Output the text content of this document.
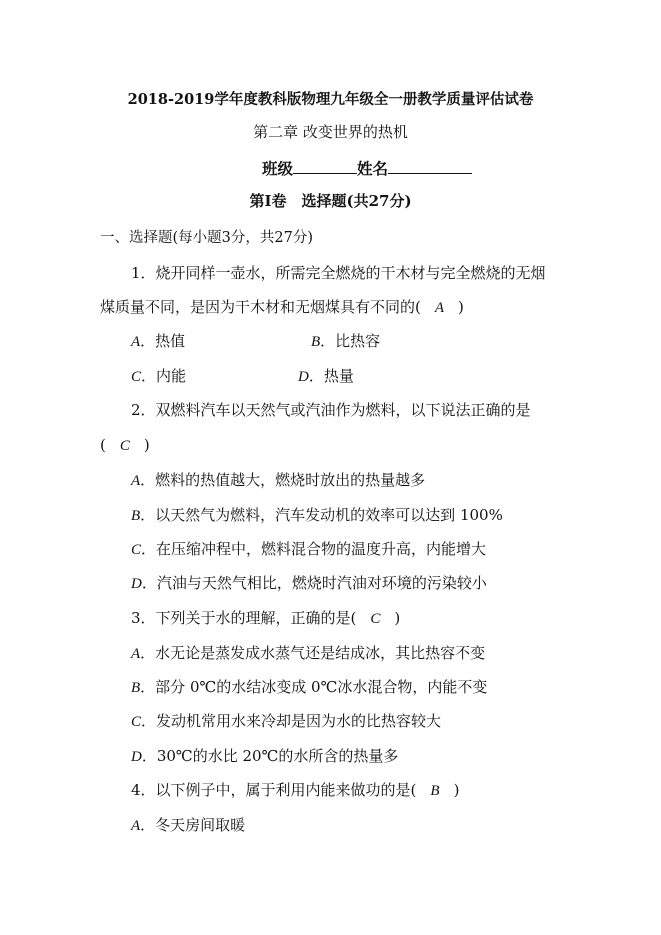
2018-2019学年度教科版物理九年级全一册教学质量评估试卷
第二章 改变世界的热机
班级	姓名
第Ⅰ卷　选择题(共27分)
一、选择题(每小题3分，共27分)
1．烧开同样一壶水，所需完全燃烧的干木材与完全燃烧的无烟
煤质量不同，是因为干木材和无烟煤具有不同的( A )
A．热值	B．比热容
C．内能	D．热量
2．双燃料汽车以天然气或汽油作为燃料，以下说法正确的是
( C )
A．燃料的热值越大，燃烧时放出的热量越多
B．以天然气为燃料，汽车发动机的效率可以达到 100%
C．在压缩冲程中，燃料混合物的温度升高，内能增大
D．汽油与天然气相比，燃烧时汽油对环境的污染较小
3．下列关于水的理解，正确的是( C )
A．水无论是蒸发成水蒸气还是结成冰，其比热容不变
B．部分 0℃的水结冰变成 0℃冰水混合物，内能不变
C．发动机常用水来冷却是因为水的比热容较大
D．30℃的水比 20℃的水所含的热量多
4．以下例子中，属于利用内能来做功的是( B )
A．冬天房间取暖
